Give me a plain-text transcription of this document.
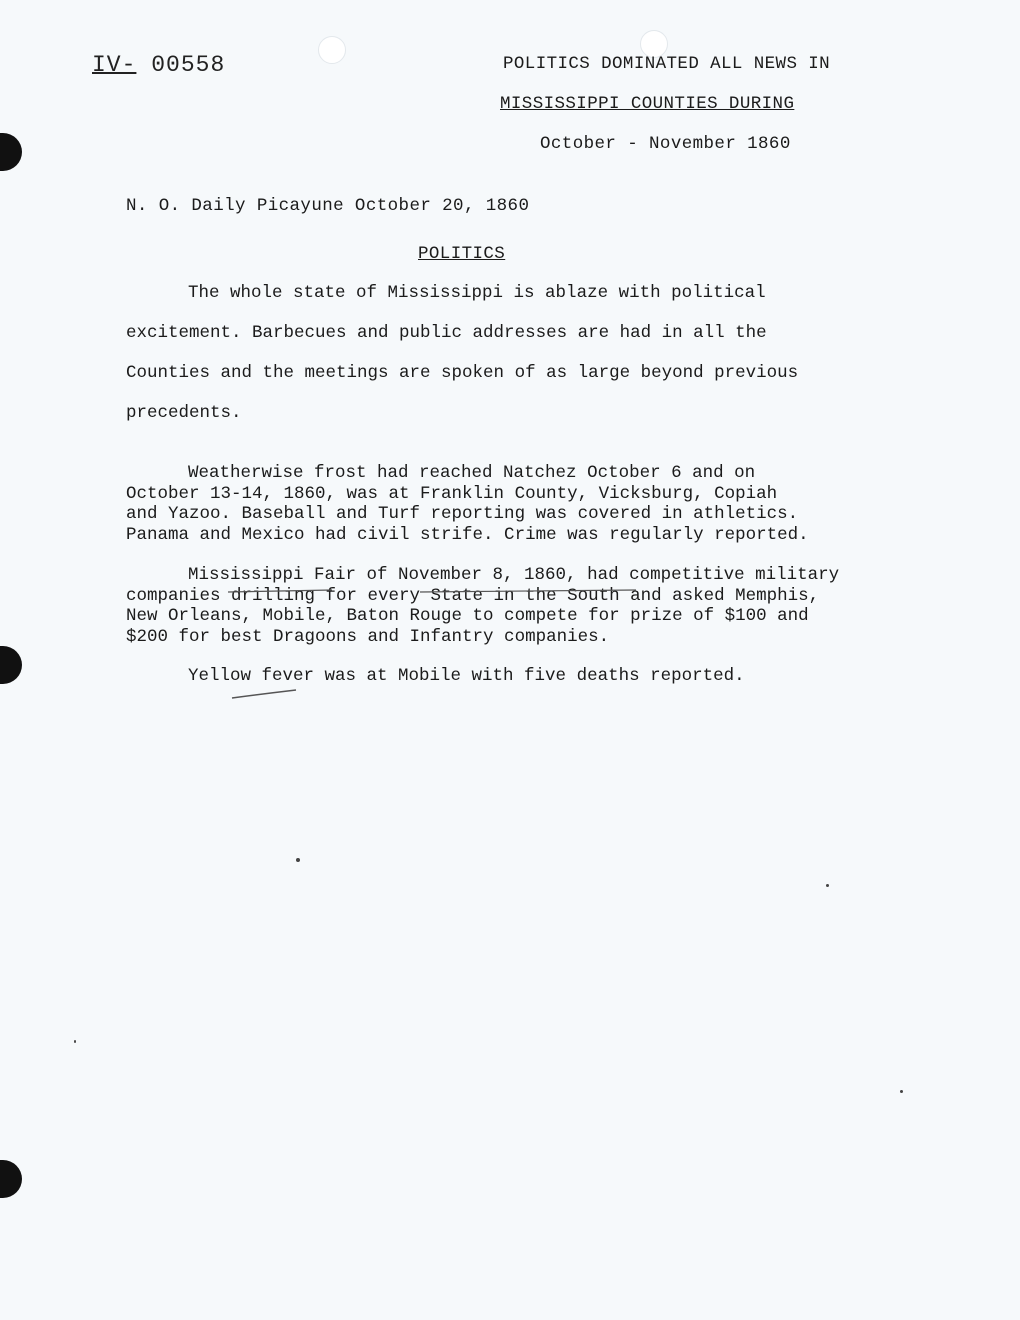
IV- 00558	POLITICS DOMINATED ALL NEWS IN
MISSISSIPPI COUNTIES DURING
October - November 1860
N. O. Daily Picayune October 20, 1860
POLITICS
The whole state of Mississippi is ablaze with political
excitement. Barbecues and public addresses are had in all the
Counties and the meetings are spoken of as large beyond previous
precedents.
Weatherwise frost had reached Natchez October 6 and on
October 13-14, 1860, was at Franklin County, Vicksburg, Copiah
and Yazoo. Baseball and Turf reporting was covered in athletics.
Panama and Mexico had civil strife. Crime was regularly reported.
Mississippi Fair of November 8, 1860, had competitive military
companies drilling for every State in the South and asked Memphis,
New Orleans, Mobile, Baton Rouge to compete for prize of $100 and
$200 for best Dragoons and Infantry companies.
Yellow fever was at Mobile with five deaths reported.
